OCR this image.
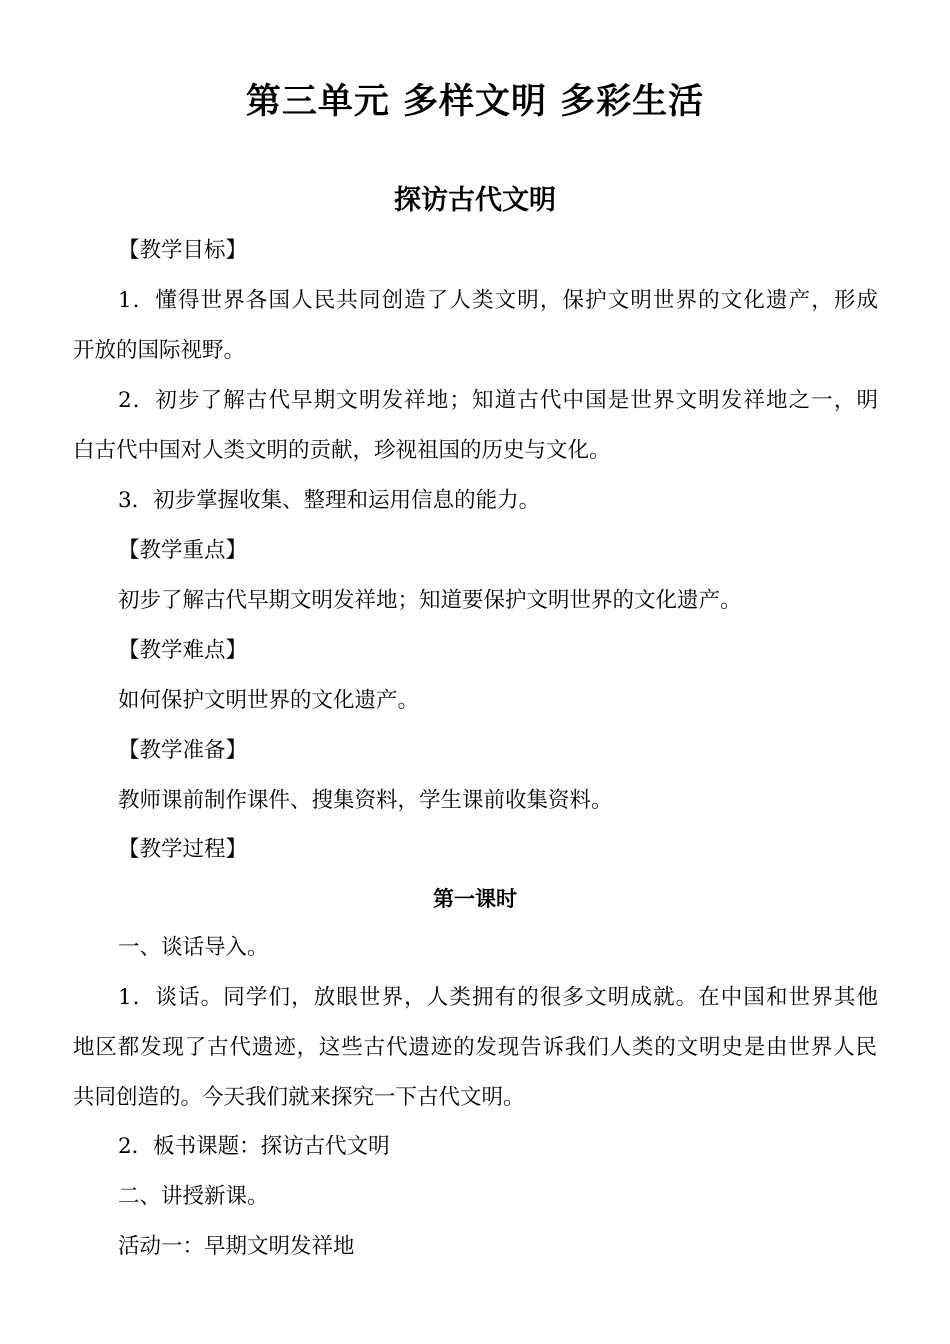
第三单元 多样文明 多彩生活
探访古代文明
【教学目标】
1．懂得世界各国人民共同创造了人类文明，保护文明世界的文化遗产，形成
开放的国际视野。
2．初步了解古代早期文明发祥地；知道古代中国是世界文明发祥地之一，明
白古代中国对人类文明的贡献，珍视祖国的历史与文化。
3．初步掌握收集、整理和运用信息的能力。
【教学重点】
初步了解古代早期文明发祥地；知道要保护文明世界的文化遗产。
【教学难点】
如何保护文明世界的文化遗产。
【教学准备】
教师课前制作课件、搜集资料，学生课前收集资料。
【教学过程】
第一课时
一、谈话导入。
1．谈话。同学们，放眼世界，人类拥有的很多文明成就。在中国和世界其他
地区都发现了古代遗迹，这些古代遗迹的发现告诉我们人类的文明史是由世界人民
共同创造的。今天我们就来探究一下古代文明。
2．板书课题：探访古代文明
二、讲授新课。
活动一：早期文明发祥地
